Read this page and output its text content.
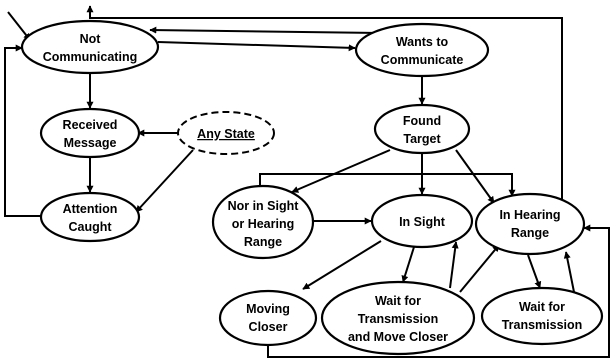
Not
Communicating
Wants to
Communicate
Received
Message
Any State
Attention
Caught
Found
Target
Nor in Sight
or Hearing
Range
In Sight	In Hearing
Range
Moving
Closer
Wait for
Transmission
and Move Closer
Wait for
Transmission
